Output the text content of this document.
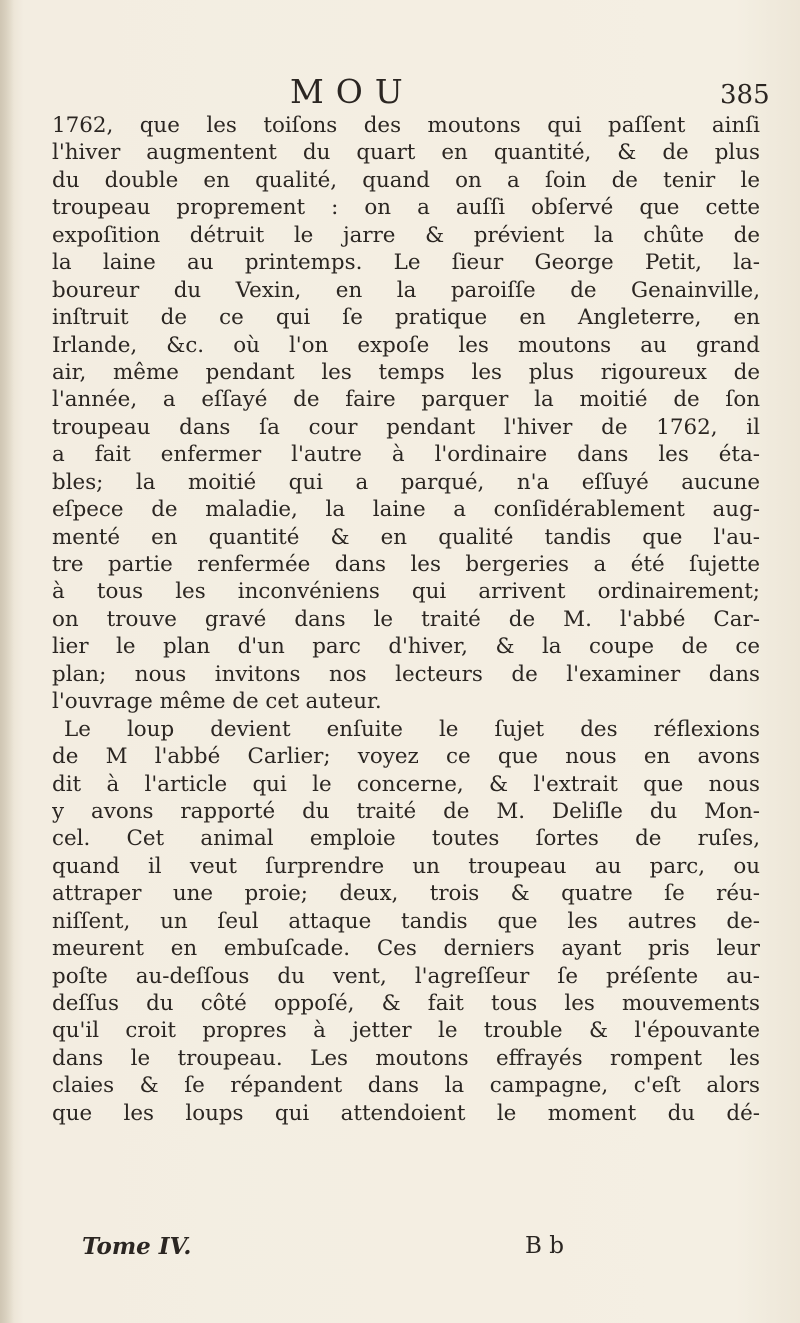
MOU	385
1762, que les toiſons des moutons qui paſſent ainſi
l'hiver augmentent du quart en quantité, & de plus
du double en qualité, quand on a ſoin de tenir le
troupeau proprement : on a auſſi obſervé que cette
expoſition détruit le jarre & prévient la chûte de
la laine au printemps. Le ſieur George Petit, la-
boureur du Vexin, en la paroiſſe de Genainville,
inſtruit de ce qui ſe pratique en Angleterre, en
Irlande, &c. où l'on expoſe les moutons au grand
air, même pendant les temps les plus rigoureux de
l'année, a eſſayé de faire parquer la moitié de ſon
troupeau dans ſa cour pendant l'hiver de 1762, il
a fait enfermer l'autre à l'ordinaire dans les éta-
bles; la moitié qui a parqué, n'a eſſuyé aucune
eſpece de maladie, la laine a conſidérablement aug-
menté en quantité & en qualité tandis que l'au-
tre partie renfermée dans les bergeries a été ſujette
à tous les inconvéniens qui arrivent ordinairement;
on trouve gravé dans le traité de M. l'abbé Car-
lier le plan d'un parc d'hiver, & la coupe de ce
plan; nous invitons nos lecteurs de l'examiner dans
l'ouvrage même de cet auteur.
Le loup devient enſuite le ſujet des réflexions
de M l'abbé Carlier; voyez ce que nous en avons
dit à l'article qui le concerne, & l'extrait que nous
y avons rapporté du traité de M. Deliſle du Mon-
cel. Cet animal emploie toutes ſortes de ruſes,
quand il veut ſurprendre un troupeau au parc, ou
attraper une proie; deux, trois & quatre ſe réu-
niſſent, un ſeul attaque tandis que les autres de-
meurent en embuſcade. Ces derniers ayant pris leur
poſte au-deſſous du vent, l'agreſſeur ſe préſente au-
deſſus du côté oppoſé, & fait tous les mouvements
qu'il croit propres à jetter le trouble & l'épouvante
dans le troupeau. Les moutons effrayés rompent les
claies & ſe répandent dans la campagne, c'eſt alors
que les loups qui attendoient le moment du dé-
Tome IV.	B b
